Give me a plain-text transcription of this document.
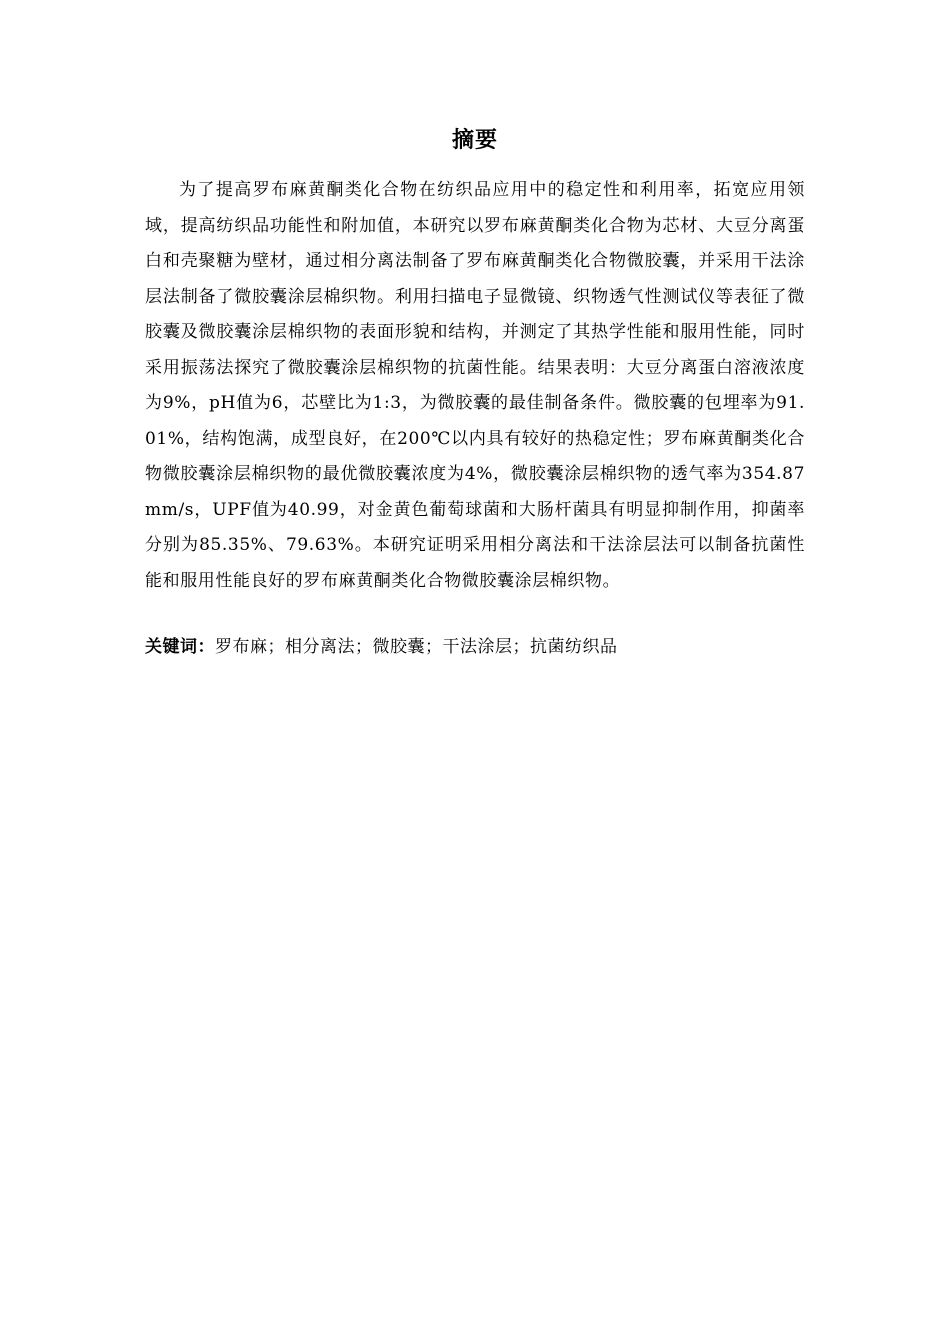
摘要

为了提高罗布麻黄酮类化合物在纺织品应用中的稳定性和利用率，拓宽应用领域，提高纺织品功能性和附加值，本研究以罗布麻黄酮类化合物为芯材、大豆分离蛋白和壳聚糖为壁材，通过相分离法制备了罗布麻黄酮类化合物微胶囊，并采用干法涂层法制备了微胶囊涂层棉织物。利用扫描电子显微镜、织物透气性测试仪等表征了微胶囊及微胶囊涂层棉织物的表面形貌和结构，并测定了其热学性能和服用性能，同时采用振荡法探究了微胶囊涂层棉织物的抗菌性能。结果表明：大豆分离蛋白溶液浓度为9%，pH值为6，芯壁比为1:3，为微胶囊的最佳制备条件。微胶囊的包埋率为91.01%，结构饱满，成型良好，在200℃以内具有较好的热稳定性；罗布麻黄酮类化合物微胶囊涂层棉织物的最优微胶囊浓度为4%，微胶囊涂层棉织物的透气率为354.87mm/s，UPF值为40.99，对金黄色葡萄球菌和大肠杆菌具有明显抑制作用，抑菌率分别为85.35%、79.63%。本研究证明采用相分离法和干法涂层法可以制备抗菌性能和服用性能良好的罗布麻黄酮类化合物微胶囊涂层棉织物。

关键词：罗布麻；相分离法；微胶囊；干法涂层；抗菌纺织品
